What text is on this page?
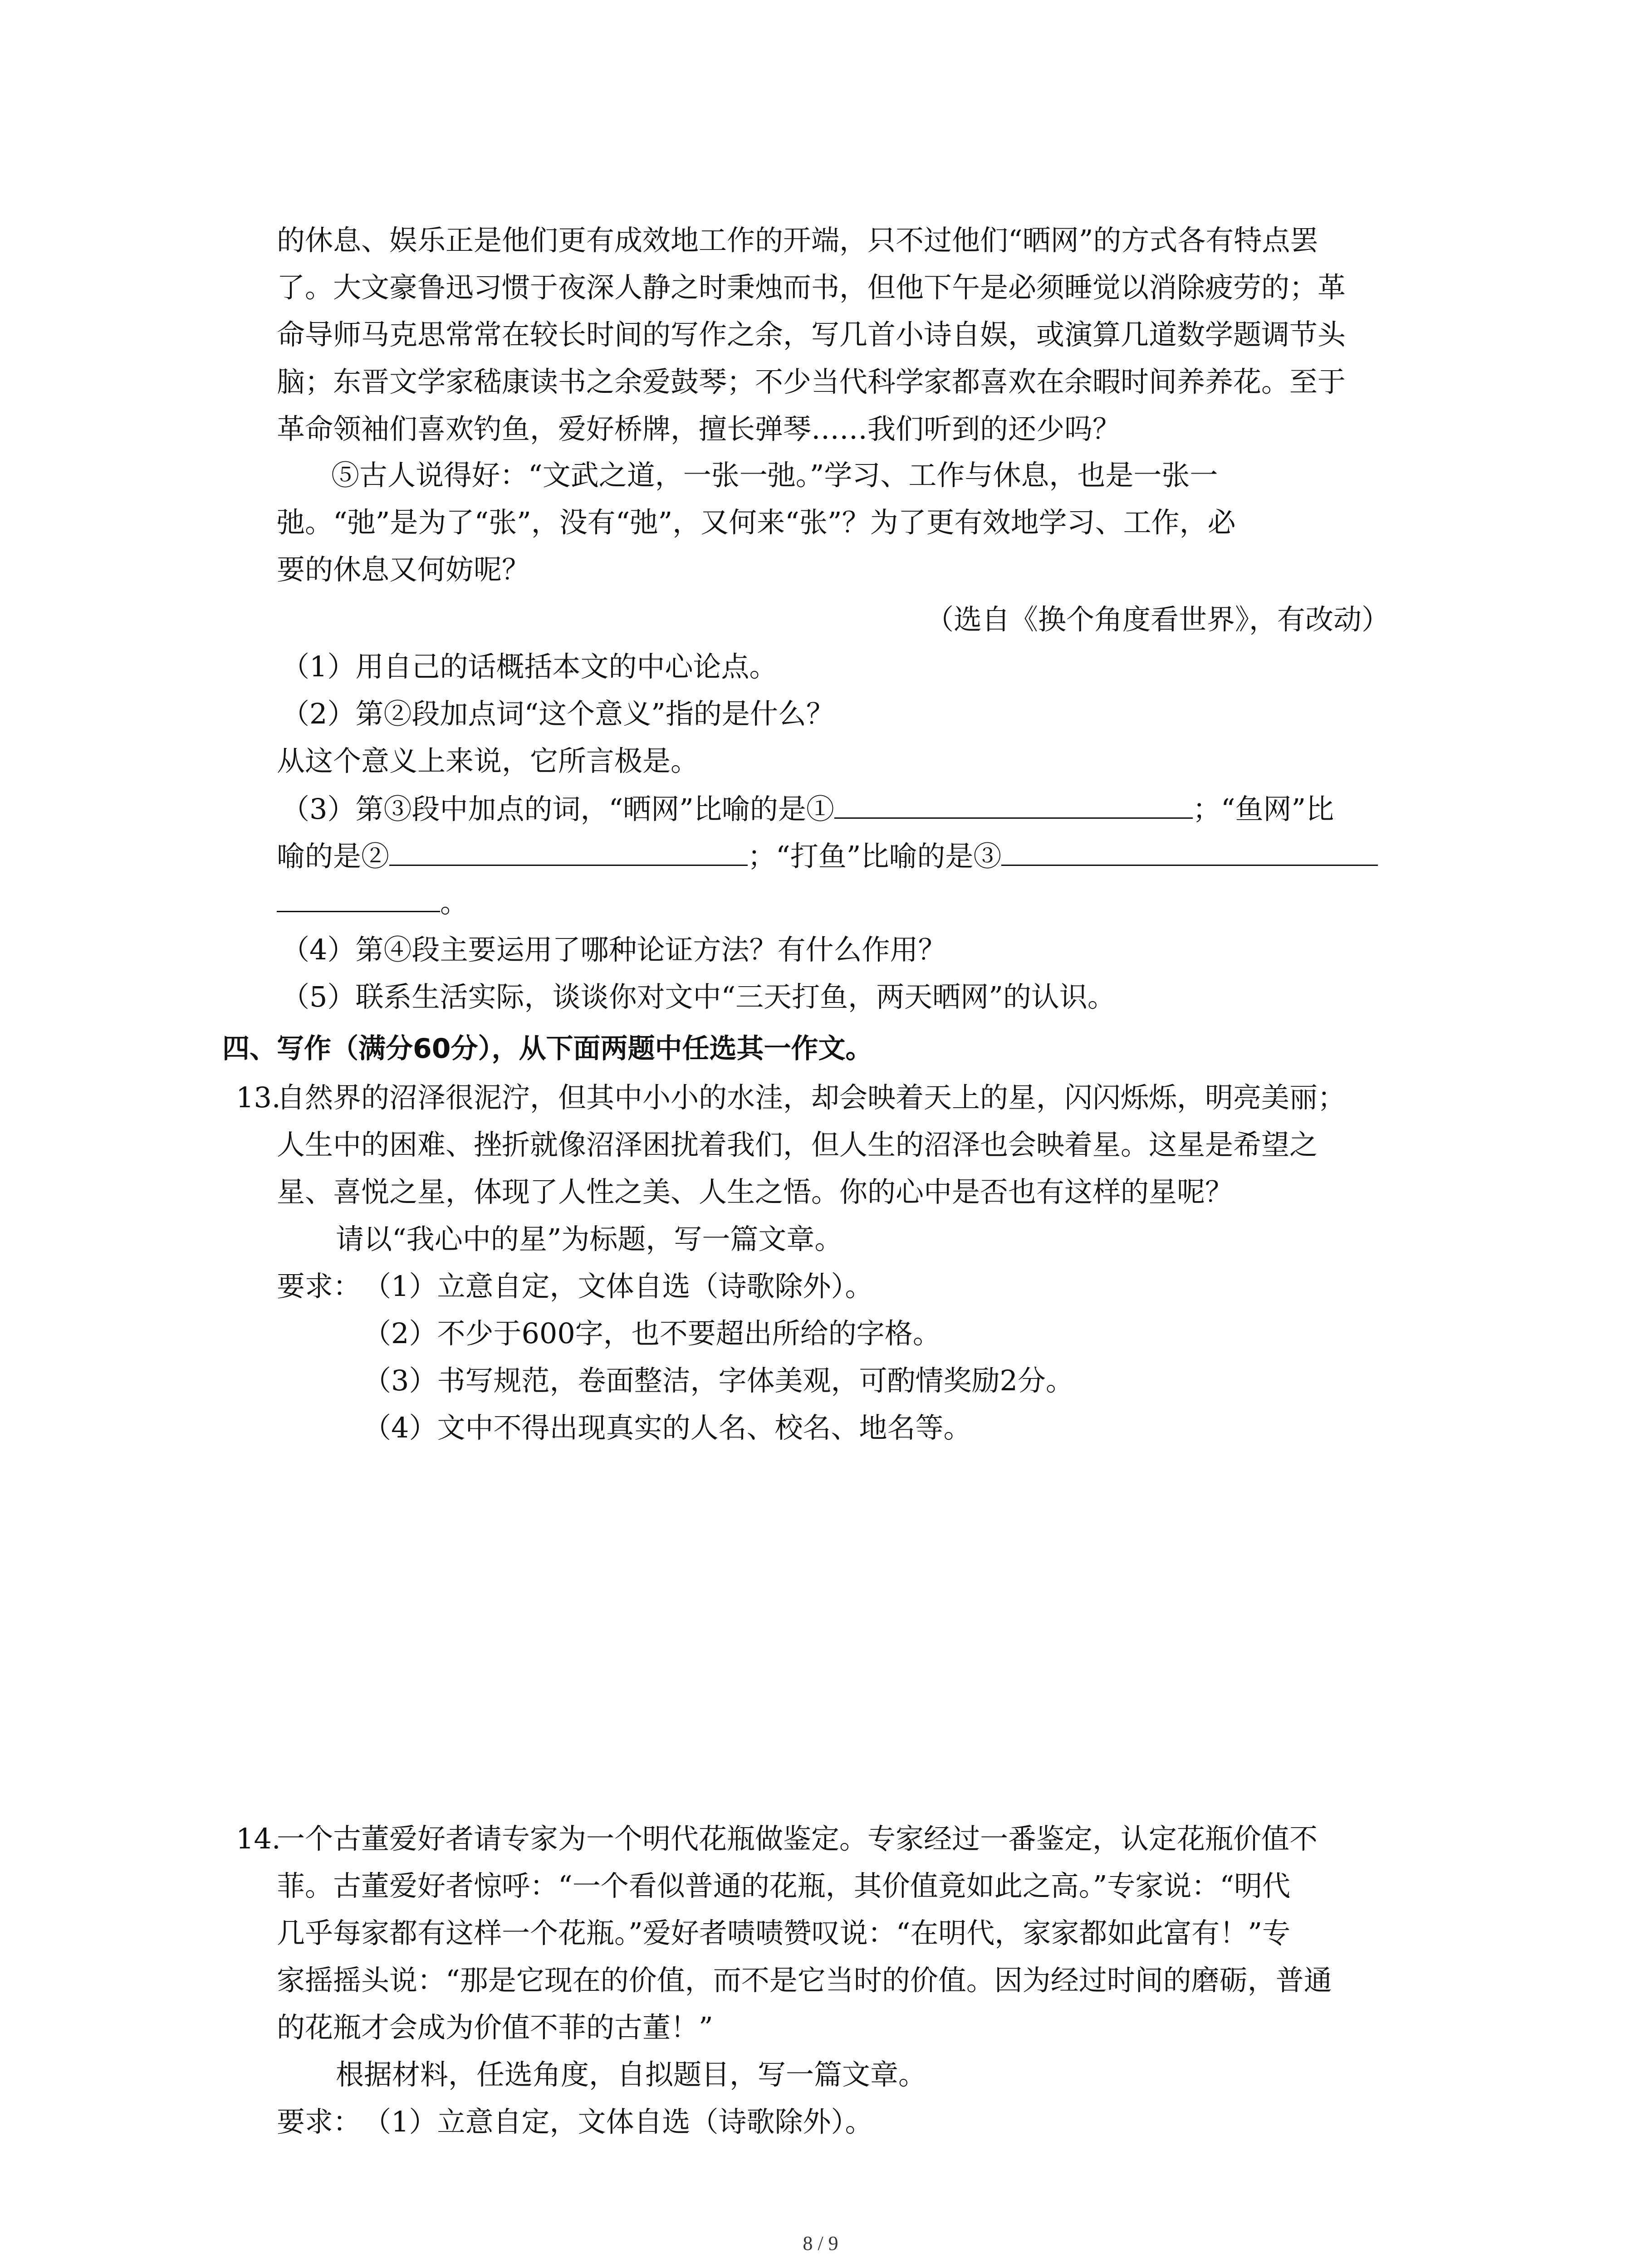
的休息、娱乐正是他们更有成效地工作的开端，只不过他们“晒网”的方式各有特点罢
了。大文豪鲁迅习惯于夜深人静之时秉烛而书，但他下午是必须睡觉以消除疲劳的；革
命导师马克思常常在较长时间的写作之余，写几首小诗自娱，或演算几道数学题调节头
脑；东晋文学家嵇康读书之余爱鼓琴；不少当代科学家都喜欢在余暇时间养养花。至于
革命领袖们喜欢钓鱼，爱好桥牌，擅长弹琴……我们听到的还少吗？
⑤古人说得好：“文武之道，一张一弛。”学习、工作与休息，也是一张一
弛。“弛”是为了“张”，没有“弛”，又何来“张”？为了更有效地学习、工作，必
要的休息又何妨呢？
（选自《换个角度看世界》，有改动）
（1）用自己的话概括本文的中心论点。
（2）第②段加点词“这个意义”指的是什么？
从这个意义上来说，它所言极是。
（3）第③段中加点的词，“晒网”比喻的是①	；“鱼网”比
喻的是②	；“打鱼”比喻的是③
。
（4）第④段主要运用了哪种论证方法？有什么作用？
（5）联系生活实际，谈谈你对文中“三天打鱼，两天晒网”的认识。
四、写作（满分60分），从下面两题中任选其一作文。
13.
自然界的沼泽很泥泞，但其中小小的水洼，却会映着天上的星，闪闪烁烁，明亮美丽；
人生中的困难、挫折就像沼泽困扰着我们，但人生的沼泽也会映着星。这星是希望之
星、喜悦之星，体现了人性之美、人生之悟。你的心中是否也有这样的星呢？
请以“我心中的星”为标题，写一篇文章。
要求： （1）立意自定，文体自选（诗歌除外）。
（2）不少于600字，也不要超出所给的字格。
（3）书写规范，卷面整洁，字体美观，可酌情奖励2分。
（4）文中不得出现真实的人名、校名、地名等。
14.
一个古董爱好者请专家为一个明代花瓶做鉴定。专家经过一番鉴定，认定花瓶价值不
菲。古董爱好者惊呼：“一个看似普通的花瓶，其价值竟如此之高。”专家说：“明代
几乎每家都有这样一个花瓶。”爱好者啧啧赞叹说：“在明代，家家都如此富有！”专
家摇摇头说：“那是它现在的价值，而不是它当时的价值。因为经过时间的磨砺，普通
的花瓶才会成为价值不菲的古董！”
根据材料，任选角度，自拟题目，写一篇文章。
要求： （1）立意自定，文体自选（诗歌除外）。
8 / 9
